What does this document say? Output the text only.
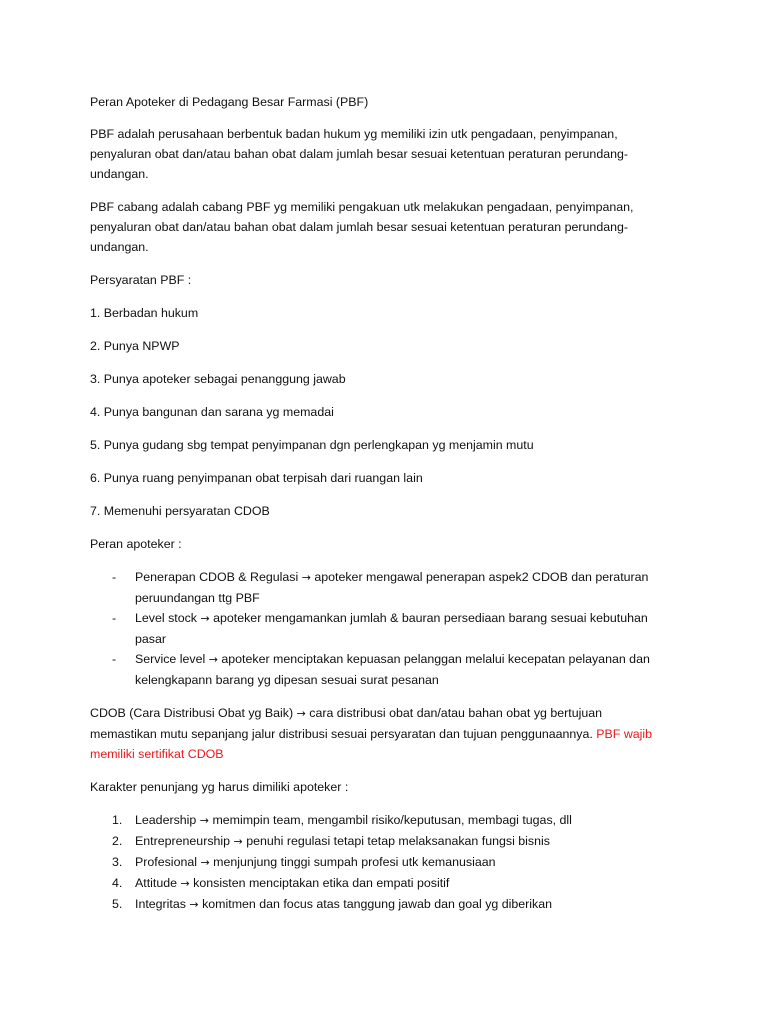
Peran Apoteker di Pedagang Besar Farmasi (PBF)

PBF adalah perusahaan berbentuk badan hukum yg memiliki izin utk pengadaan, penyimpanan, penyaluran obat dan/atau bahan obat dalam jumlah besar sesuai ketentuan peraturan perundang-undangan.

PBF cabang adalah cabang PBF yg memiliki pengakuan utk melakukan pengadaan, penyimpanan, penyaluran obat dan/atau bahan obat dalam jumlah besar sesuai ketentuan peraturan perundang-undangan.

Persyaratan PBF :

1. Berbadan hukum

2. Punya NPWP

3. Punya apoteker sebagai penanggung jawab

4. Punya bangunan dan sarana yg memadai

5. Punya gudang sbg tempat penyimpanan dgn perlengkapan yg menjamin mutu

6. Punya ruang penyimpanan obat terpisah dari ruangan lain

7. Memenuhi persyaratan CDOB

Peran apoteker :

- Penerapan CDOB & Regulasi → apoteker mengawal penerapan aspek2 CDOB dan peraturan peruundangan ttg PBF
- Level stock → apoteker mengamankan jumlah & bauran persediaan barang sesuai kebutuhan pasar
- Service level → apoteker menciptakan kepuasan pelanggan melalui kecepatan pelayanan dan kelengkapann barang yg dipesan sesuai surat pesanan

CDOB (Cara Distribusi Obat yg Baik) → cara distribusi obat dan/atau bahan obat yg bertujuan memastikan mutu sepanjang jalur distribusi sesuai persyaratan dan tujuan penggunaannya. PBF wajib memiliki sertifikat CDOB

Karakter penunjang yg harus dimiliki apoteker :

1. Leadership → memimpin team, mengambil risiko/keputusan, membagi tugas, dll
2. Entrepreneurship → penuhi regulasi tetapi tetap melaksanakan fungsi bisnis
3. Profesional → menjunjung tinggi sumpah profesi utk kemanusiaan
4. Attitude → konsisten menciptakan etika dan empati positif
5. Integritas → komitmen dan focus atas tanggung jawab dan goal yg diberikan
